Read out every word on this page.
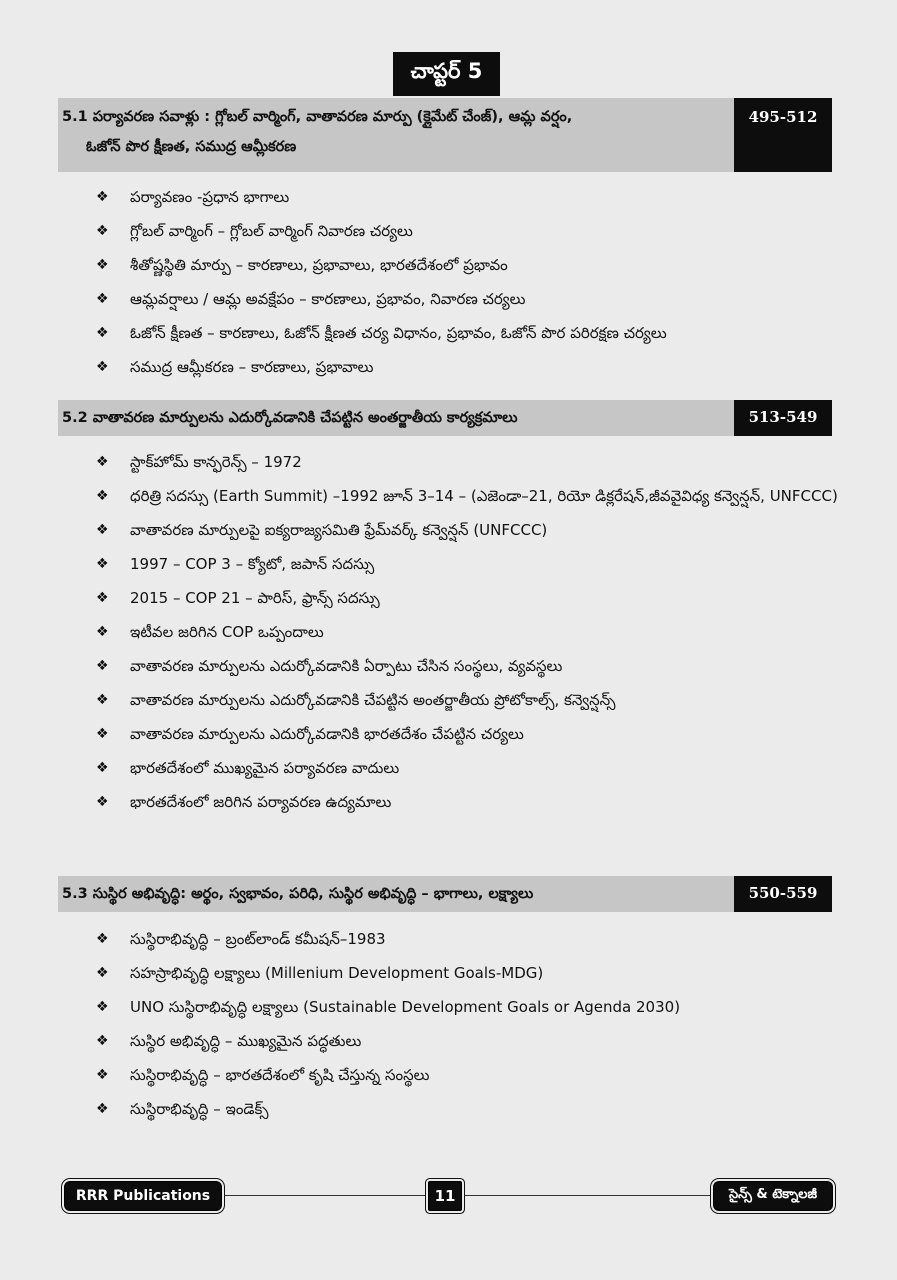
చాప్టర్ 5
5.1 పర్యావరణ సవాళ్లు : గ్లోబల్ వార్మింగ్, వాతావరణ మార్పు (క్లైమేట్ చేంజ్), ఆమ్ల వర్షం,
ఓజోన్ పొర క్షీణత, సముద్ర ఆమ్లీకరణ
495-512
❖	పర్యావణం -ప్రధాన భాగాలు
❖	గ్లోబల్ వార్మింగ్ – గ్లోబల్ వార్మింగ్ నివారణ చర్యలు
❖	శీతోష్ణస్థితి మార్పు – కారణాలు, ప్రభావాలు, భారతదేశంలో ప్రభావం
❖	ఆమ్లవర్షాలు / ఆమ్ల అవక్షేపం – కారణాలు, ప్రభావం, నివారణ చర్యలు
❖	ఓజోన్ క్షీణత – కారణాలు, ఓజోన్ క్షీణత చర్య విధానం, ప్రభావం, ఓజోన్ పొర పరిరక్షణ చర్యలు
❖	సముద్ర ఆమ్లీకరణ – కారణాలు, ప్రభావాలు
5.2 వాతావరణ మార్పులను ఎదుర్కోవడానికి చేపట్టిన అంతర్జాతీయ కార్యక్రమాలు	513-549
❖	స్టాక్‌హోమ్ కాన్ఫరెన్స్ – 1972
❖	ధరిత్రి సదస్సు (Earth Summit) –1992 జూన్ 3–14 – (ఎజెండా–21, రియో డిక్లరేషన్,జీవవైవిధ్య కన్వెన్షన్, UNFCCC)
❖	వాతావరణ మార్పులపై ఐక్యరాజ్యసమితి ఫ్రేమ్‌వర్క్ కన్వెన్షన్ (UNFCCC)
❖	1997 – COP 3 – క్యోటో, జపాన్ సదస్సు
❖	2015 – COP 21 – పారిస్, ఫ్రాన్స్ సదస్సు
❖	ఇటీవల జరిగిన COP ఒప్పందాలు
❖	వాతావరణ మార్పులను ఎదుర్కోవడానికి ఏర్పాటు చేసిన సంస్థలు, వ్యవస్థలు
❖	వాతావరణ మార్పులను ఎదుర్కోవడానికి చేపట్టిన అంతర్జాతీయ ప్రోటోకాల్స్, కన్వెన్షన్స్
❖	వాతావరణ మార్పులను ఎదుర్కోవడానికి భారతదేశం చేపట్టిన చర్యలు
❖	భారతదేశంలో ముఖ్యమైన పర్యావరణ వాదులు
❖	భారతదేశంలో జరిగిన పర్యావరణ ఉద్యమాలు
5.3 సుస్థిర అభివృద్ధి: అర్థం, స్వభావం, పరిధి, సుస్థిర అభివృద్ధి – భాగాలు, లక్ష్యాలు	550-559
❖	సుస్థిరాభివృద్ధి – బ్రంట్‌లాండ్ కమీషన్–1983
❖	సహస్రాభివృద్ధి లక్ష్యాలు (Millenium Development Goals-MDG)
❖	UNO సుస్థిరాభివృద్ధి లక్ష్యాలు (Sustainable Development Goals or Agenda 2030)
❖	సుస్థిర అభివృద్ధి – ముఖ్యమైన పద్ధతులు
❖	సుస్థిరాభివృద్ధి – భారతదేశంలో కృషి చేస్తున్న సంస్థలు
❖	సుస్థిరాభివృద్ధి – ఇండెక్స్
RRR Publications	11	సైన్స్ & టెక్నాలజీ
